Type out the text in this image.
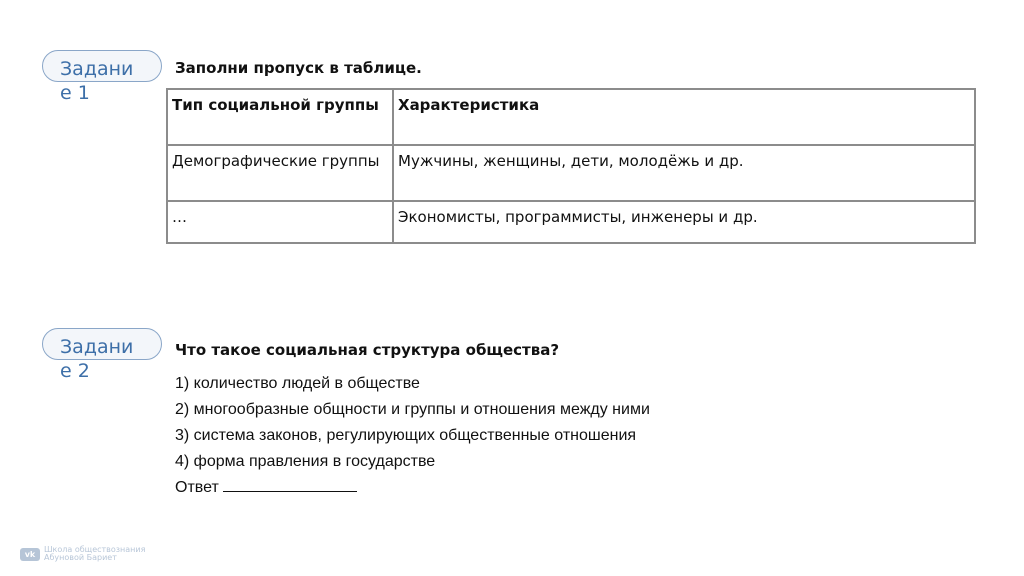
Задание 1
Заполни пропуск в таблице.
Тип социальной группы	Характеристика
Демографические группы	Мужчины, женщины, дети, молодёжь и др.
…	Экономисты, программисты, инженеры и др.
Задание 2
Что такое социальная структура общества?
1) количество людей в обществе
2) многообразные общности и группы и отношения между ними
3) система законов, регулирующих общественные отношения
4) форма правления в государстве
Ответ
vk	Школа обществознания
Абуновой Бариет
